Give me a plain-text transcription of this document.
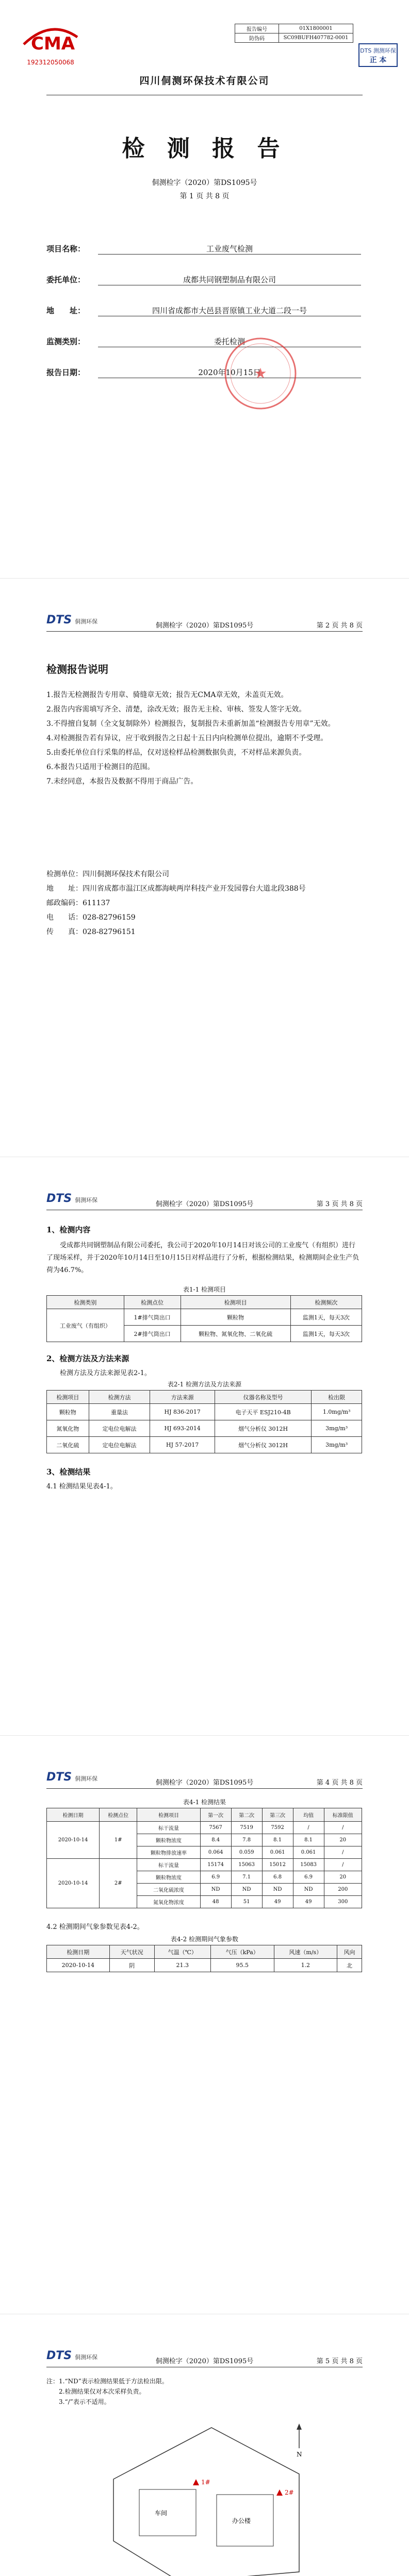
CMA
192312050068
报告编号	01X1800001
防伪码	SC09BUFH407782-0001
DTS 测测环保
正 本
四川侗测环保技术有限公司
检 测 报 告
侗测检字（2020）第DS1095号
第 1 页 共 8 页
项目名称：	工业废气检测
委托单位：	成都共同钢塑制品有限公司
地　　址：	四川省成都市大邑县晋原镇工业大道二段一号
监测类别：	委托检测
报告日期：	2020年10月15日
★
DTS 侗测环保
侗测检字（2020）第DS1095号	第 2 页 共 8 页
检测报告说明
1.报告无检测报告专用章、骑缝章无效；报告无CMA章无效，未盖页无效。
2.报告内容需填写齐全、清楚，涂改无效；报告无主检、审核、签发人签字无效。
3.不得擅自复制（全文复制除外）检测报告，复制报告未重新加盖“检测报告专用章”无效。
4.对检测报告若有异议，应于收到报告之日起十五日内向检测单位提出，逾期不予受理。
5.由委托单位自行采集的样品，仅对送检样品检测数据负责，不对样品来源负责。
6.本报告只适用于检测目的范围。
7.未经同意，本报告及数据不得用于商品广告。
检测单位：四川侗测环保技术有限公司
地　　址：四川省成都市温江区成都海峡两岸科技产业开发园蓉台大道北段388号
邮政编码：611137
电　　话：028-82796159
传　　真：028-82796151
DTS 侗测环保
侗测检字（2020）第DS1095号	第 3 页 共 8 页
1、检测内容
受成都共同钢塑制品有限公司委托，我公司于2020年10月14日对该公司的工业废气（有组织）进行了现场采样，并于2020年10月14日至10月15日对样品进行了分析，根据检测结果，检测期间企业生产负荷为46.7%。
表1-1 检测项目
检测类别	检测点位	检测项目	检测频次
工业废气（有组织）	1#排气筒出口	颗粒物	监测1天，每天3次
	2#排气筒出口	颗粒物、氮氧化物、二氧化硫	监测1天，每天3次
2、检测方法及方法来源
检测方法及方法来源见表2-1。
表2-1 检测方法及方法来源
检测项目	检测方法	方法来源	仪器名称及型号	检出限
颗粒物	重量法	HJ 836-2017	电子天平 ESJ210-4B	1.0mg/m³
氮氧化物	定电位电解法	HJ 693-2014	烟气分析仪 3012H	3mg/m³
二氧化硫	定电位电解法	HJ 57-2017	烟气分析仪 3012H	3mg/m³
3、检测结果
4.1 检测结果见表4-1。
DTS 侗测环保
侗测检字（2020）第DS1095号	第 4 页 共 8 页
表4-1 检测结果
检测日期	检测点位	检测项目	第一次	第二次	第三次	均值	标准限值
2020-10-14	1#	标干流量	7567	7519	7592	/	/
		颗粒物浓度	8.4	7.8	8.1	8.1	20
		颗粒物排放速率	0.064	0.059	0.061	0.061	/
2020-10-14	2#	标干流量	15174	15063	15012	15083	/
		颗粒物浓度	6.9	7.1	6.8	6.9	20
		二氧化硫浓度	ND	ND	ND	ND	200
		氮氧化物浓度	48	51	49	49	300
4.2 检测期间气象参数见表4-2。
表4-2 检测期间气象参数
检测日期	天气状况	气温（℃）	气压（kPa）	风速（m/s）	风向
2020-10-14	阴	21.3	95.5	1.2	北
DTS 侗测环保
侗测检字（2020）第DS1095号	第 5 页 共 8 页
注：1.“ND”表示检测结果低于方法检出限。
2.检测结果仅对本次采样负责。
3.“/”表示不适用。
车间
办公楼
1#
2#
N
